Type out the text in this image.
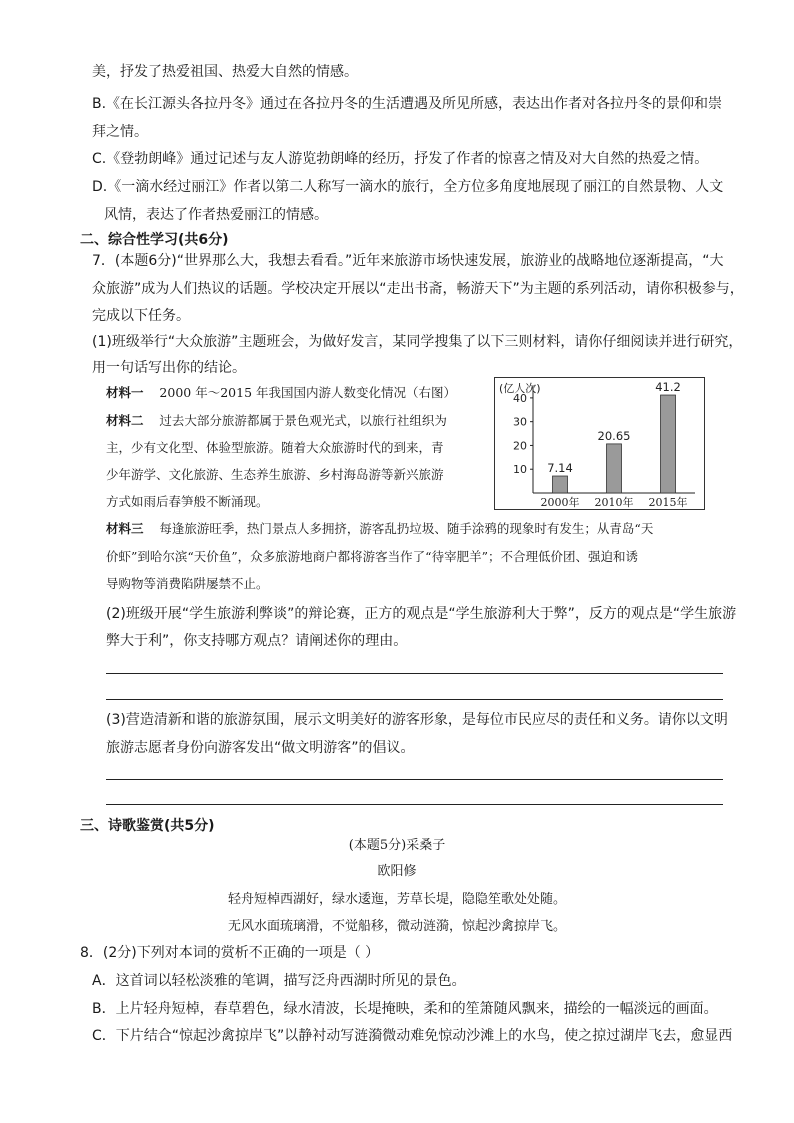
美，抒发了热爱祖国、热爱大自然的情感。
B.《在长江源头各拉丹冬》通过在各拉丹冬的生活遭遇及所见所感，表达出作者对各拉丹冬的景仰和崇
拜之情。
C.《登勃朗峰》通过记述与友人游览勃朗峰的经历，抒发了作者的惊喜之情及对大自然的热爱之情。
D.《一滴水经过丽江》作者以第二人称写一滴水的旅行，全方位多角度地展现了丽江的自然景物、人文
风情，表达了作者热爱丽江的情感。
二、综合性学习(共6分)
7．(本题6分)“世界那么大，我想去看看。”近年来旅游市场快速发展，旅游业的战略地位逐渐提高，“大
众旅游”成为人们热议的话题。学校决定开展以“走出书斋，畅游天下”为主题的系列活动，请你积极参与，
完成以下任务。
(1)班级举行“大众旅游”主题班会，为做好发言，某同学搜集了以下三则材料，请你仔细阅读并进行研究，
用一句话写出你的结论。
材料一 2000 年～2015 年我国国内游人数变化情况（右图）
材料二 过去大部分旅游都属于景色观光式，以旅行社组织为
主，少有文化型、体验型旅游。随着大众旅游时代的到来，青
少年游学、文化旅游、生态养生旅游、乡村海岛游等新兴旅游
方式如雨后春笋般不断涌现。
(亿人次)
10
20
30
40
7.14
2000年
20.65
2010年
41.2
2015年
材料三 每逢旅游旺季，热门景点人多拥挤，游客乱扔垃圾、随手涂鸦的现象时有发生；从青岛“天
价虾”到哈尔滨“天价鱼”，众多旅游地商户都将游客当作了“待宰肥羊”；不合理低价团、强迫和诱
导购物等消费陷阱屡禁不止。
(2)班级开展“学生旅游利弊谈”的辩论赛，正方的观点是“学生旅游利大于弊”，反方的观点是“学生旅游
弊大于利”，你支持哪方观点？请阐述你的理由。
(3)营造清新和谐的旅游氛围，展示文明美好的游客形象，是每位市民应尽的责任和义务。请你以文明
旅游志愿者身份向游客发出“做文明游客”的倡议。
三、诗歌鉴赏(共5分)
(本题5分)采桑子
欧阳修
轻舟短棹西湖好，绿水逶迤，芳草长堤，隐隐笙歌处处随。
无风水面琉璃滑，不觉船移，微动涟漪，惊起沙禽掠岸飞。
8．(2分)下列对本词的赏析不正确的一项是（ ）
A．这首词以轻松淡雅的笔调，描写泛舟西湖时所见的景色。
B．上片轻舟短棹，春草碧色，绿水清波，长堤掩映，柔和的笙箫随风飘来，描绘的一幅淡远的画面。
C．下片结合“惊起沙禽掠岸飞”以静衬动写涟漪微动难免惊动沙滩上的水鸟，使之掠过湖岸飞去，愈显西
